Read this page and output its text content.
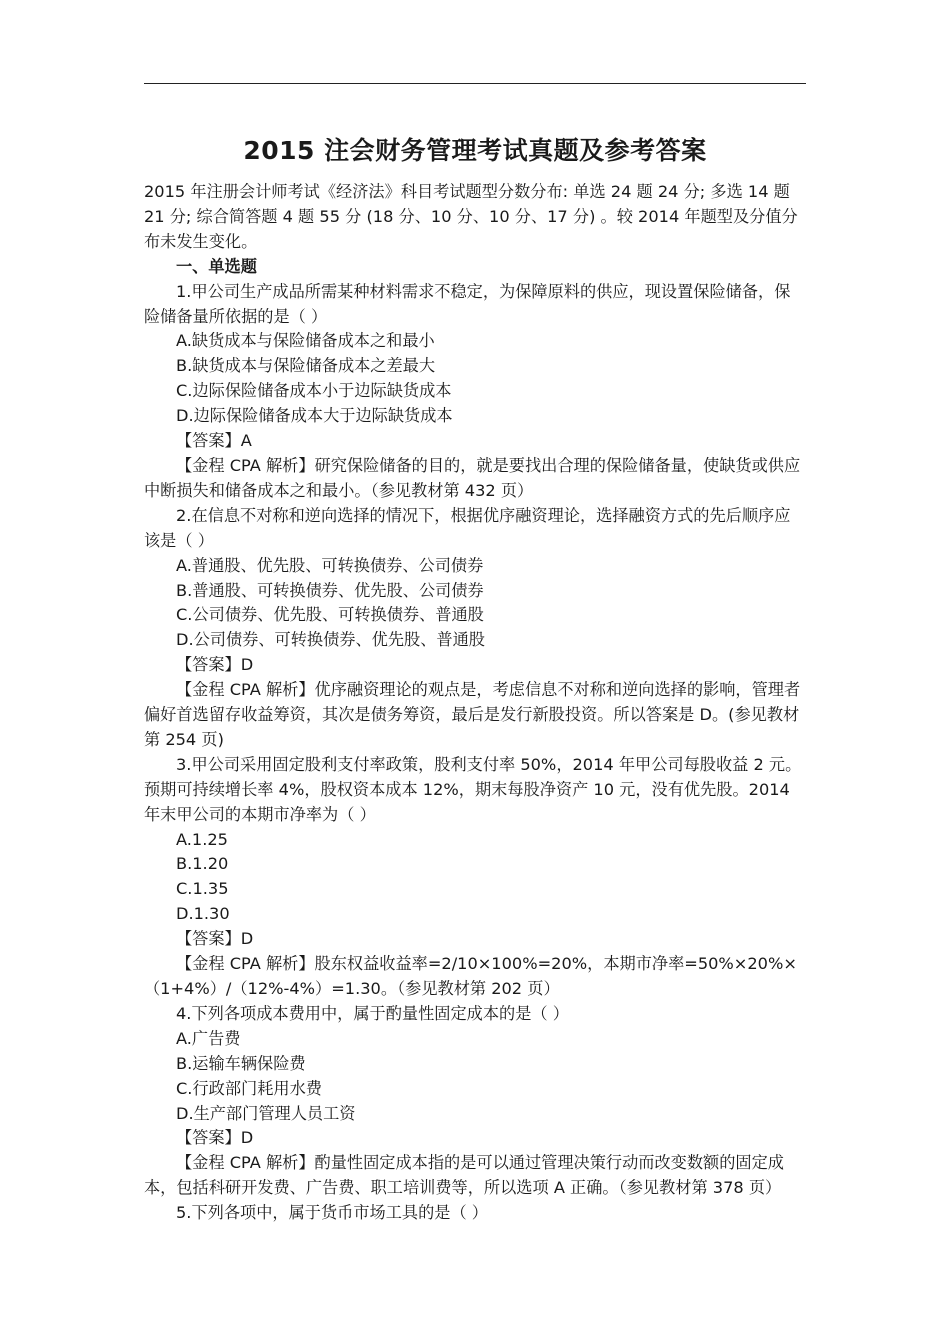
2015 注会财务管理考试真题及参考答案

2015 年注册会计师考试《经济法》科目考试题型分数分布: 单选 24 题 24 分; 多选 14 题 21 分; 综合简答题 4 题 55 分 (18 分、10 分、10 分、17 分) 。较 2014 年题型及分值分布未发生变化。

一、单选题

1.甲公司生产成品所需某种材料需求不稳定，为保障原料的供应，现设置保险储备，保险储备量所依据的是（ ）

A.缺货成本与保险储备成本之和最小

B.缺货成本与保险储备成本之差最大

C.边际保险储备成本小于边际缺货成本

D.边际保险储备成本大于边际缺货成本

【答案】A

【金程 CPA 解析】研究保险储备的目的，就是要找出合理的保险储备量，使缺货或供应中断损失和储备成本之和最小。（参见教材第 432 页）

2.在信息不对称和逆向选择的情况下，根据优序融资理论，选择融资方式的先后顺序应该是（ ）

A.普通股、优先股、可转换债券、公司债券

B.普通股、可转换债券、优先股、公司债券

C.公司债券、优先股、可转换债券、普通股

D.公司债券、可转换债券、优先股、普通股

【答案】D

【金程 CPA 解析】优序融资理论的观点是，考虑信息不对称和逆向选择的影响，管理者偏好首选留存收益筹资，其次是债务筹资，最后是发行新股投资。所以答案是 D。(参见教材第 254 页)

3.甲公司采用固定股利支付率政策，股利支付率 50%，2014 年甲公司每股收益 2 元。预期可持续增长率 4%，股权资本成本 12%，期末每股净资产 10 元，没有优先股。2014 年末甲公司的本期市净率为（ ）

A.1.25

B.1.20

C.1.35

D.1.30

【答案】D

【金程 CPA 解析】股东权益收益率=2/10×100%=20%，本期市净率=50%×20%×（1+4%）/（12%-4%）=1.30。（参见教材第 202 页）

4.下列各项成本费用中，属于酌量性固定成本的是（ ）

A.广告费

B.运输车辆保险费

C.行政部门耗用水费

D.生产部门管理人员工资

【答案】D

【金程 CPA 解析】酌量性固定成本指的是可以通过管理决策行动而改变数额的固定成本，包括科研开发费、广告费、职工培训费等，所以选项 A 正确。（参见教材第 378 页）

5.下列各项中，属于货币市场工具的是（ ）
